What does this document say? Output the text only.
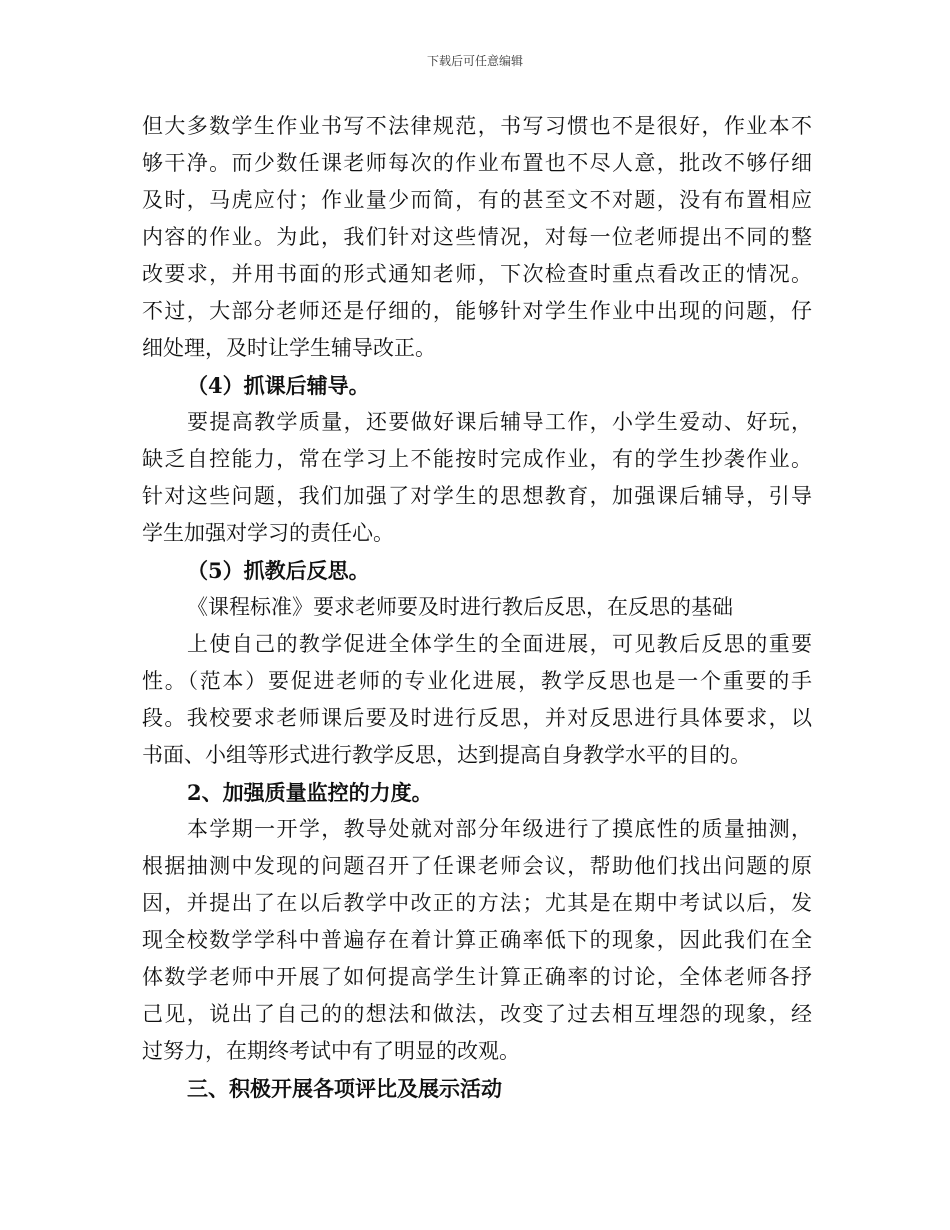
下载后可任意编辑
但大多数学生作业书写不法律规范，书写习惯也不是很好，作业本不
够干净。而少数任课老师每次的作业布置也不尽人意，批改不够仔细
及时，马虎应付；作业量少而简，有的甚至文不对题，没有布置相应
内容的作业。为此，我们针对这些情况，对每一位老师提出不同的整
改要求，并用书面的形式通知老师，下次检查时重点看改正的情况。
不过，大部分老师还是仔细的，能够针对学生作业中出现的问题，仔
细处理，及时让学生辅导改正。
（4）抓课后辅导。
要提高教学质量，还要做好课后辅导工作，小学生爱动、好玩，
缺乏自控能力，常在学习上不能按时完成作业，有的学生抄袭作业。
针对这些问题，我们加强了对学生的思想教育，加强课后辅导，引导
学生加强对学习的责任心。
（5）抓教后反思。
《课程标准》要求老师要及时进行教后反思，在反思的基础
上使自己的教学促进全体学生的全面进展，可见教后反思的重要
性。（范本）要促进老师的专业化进展，教学反思也是一个重要的手
段。我校要求老师课后要及时进行反思，并对反思进行具体要求，以
书面、小组等形式进行教学反思，达到提高自身教学水平的目的。
2、加强质量监控的力度。
本学期一开学，教导处就对部分年级进行了摸底性的质量抽测，
根据抽测中发现的问题召开了任课老师会议，帮助他们找出问题的原
因，并提出了在以后教学中改正的方法；尤其是在期中考试以后，发
现全校数学学科中普遍存在着计算正确率低下的现象，因此我们在全
体数学老师中开展了如何提高学生计算正确率的讨论，全体老师各抒
己见，说出了自己的的想法和做法，改变了过去相互埋怨的现象，经
过努力，在期终考试中有了明显的改观。
三、积极开展各项评比及展示活动
